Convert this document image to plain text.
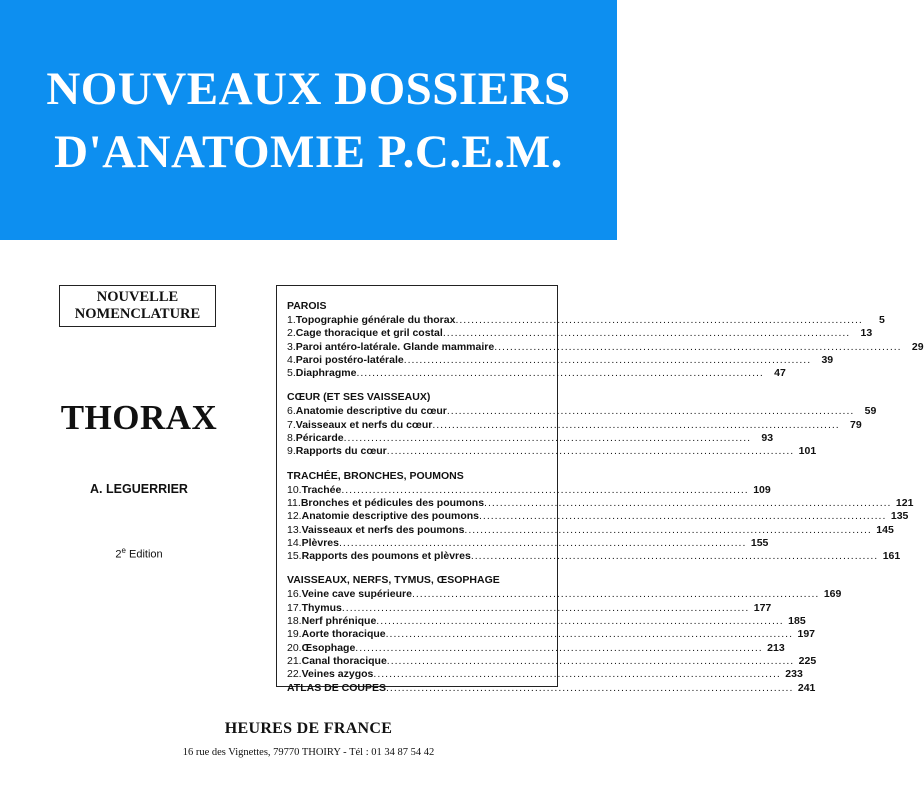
NOUVEAUX DOSSIERS
D'ANATOMIE P.C.E.M.
NOUVELLE
NOMENCLATURE
THORAX
A. LEGUERRIER
2e Edition
PAROIS
1. Topographie générale du thorax .....	5
2. Cage thoracique et gril costal .....	13
3. Paroi antéro-latérale. Glande mammaire .....	29
4. Paroi postéro-latérale .....	39
5. Diaphragme .....	47
CŒUR (ET SES VAISSEAUX)
6. Anatomie descriptive du cœur .....	59
7. Vaisseaux et nerfs du cœur .....	79
8. Péricarde .....	93
9. Rapports du cœur .....	101
TRACHÉE, BRONCHES, POUMONS
10. Trachée .....	109
11. Bronches et pédicules des poumons .....	121
12. Anatomie descriptive des poumons .....	135
13. Vaisseaux et nerfs des poumons .....	145
14. Plèvres .....	155
15. Rapports des poumons et plèvres .....	161
VAISSEAUX, NERFS, TYMUS, ŒSOPHAGE
16. Veine cave supérieure .....	169
17. Thymus .....	177
18. Nerf phrénique .....	185
19. Aorte thoracique .....	197
20. Œsophage .....	213
21. Canal thoracique .....	225
22. Veines azygos .....	233
ATLAS DE COUPES .....	241
HEURES DE FRANCE
16 rue des Vignettes, 79770 THOIRY - Tél : 01 34 87 54 42
